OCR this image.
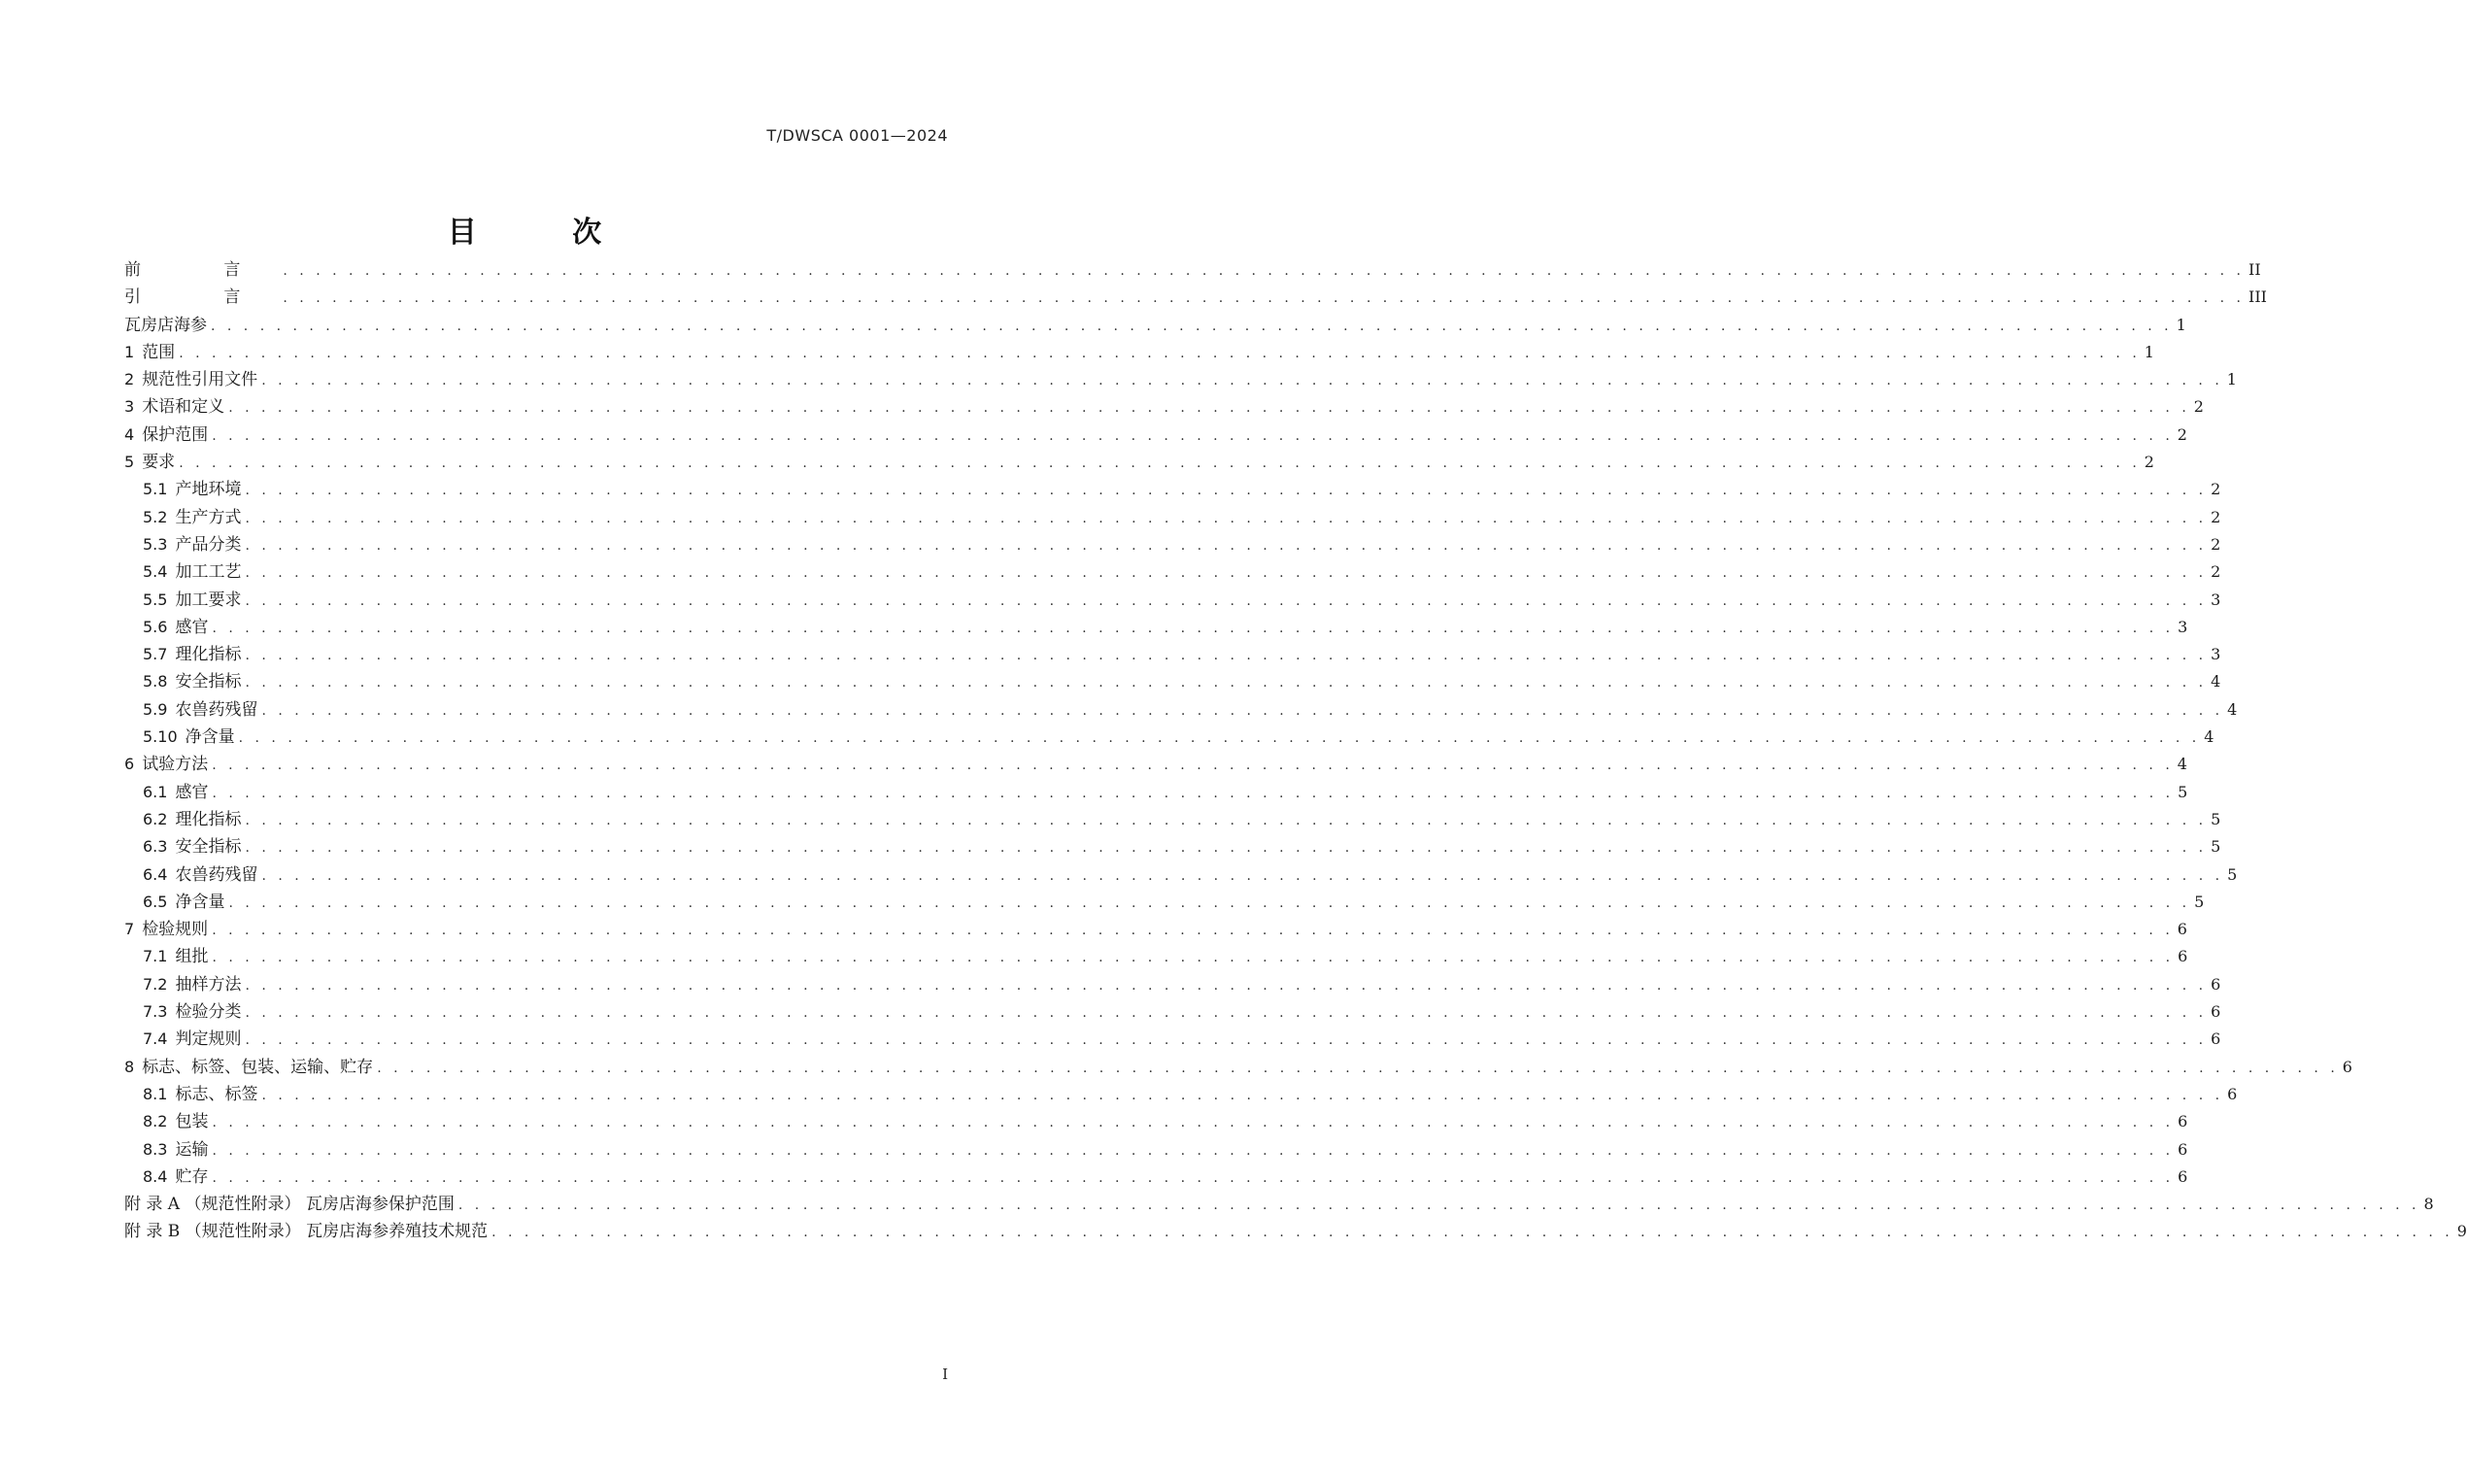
T/DWSCA 0001—2024
目 次
前 言 . . . . . . . . . . . . . . . . . . . . . . . . . . . . . . . . . . . . . . . . . . . . . . . . . . . . . . . . . . . . . . . . . . . . . . . . . . . . . . . . . . . . . . . . . . . . . . . . . . . . . . . . . . . . . . . . . . . . . . . . II
引 言 . . . . . . . . . . . . . . . . . . . . . . . . . . . . . . . . . . . . . . . . . . . . . . . . . . . . . . . . . . . . . . . . . . . . . . . . . . . . . . . . . . . . . . . . . . . . . . . . . . . . . . . . . . . . . . . . . . . . . . . . III
瓦房店海参 . . . . . . . . . . . . . . . . . . . . . . . . . . . . . . . . . . . . . . . . . . . . . . . . . . . . . . . . . . . . . . . . . . . . . . . . . . . . . . . . . . . . . . . . . . . . . . . . . . . . . . . . . . . . . . . . . . . . . . . . 1
1 范围 . . . . . . . . . . . . . . . . . . . . . . . . . . . . . . . . . . . . . . . . . . . . . . . . . . . . . . . . . . . . . . . . . . . . . . . . . . . . . . . . . . . . . . . . . . . . . . . . . . . . . . . . . . . . . . . . . . . . . . . . 1
2 规范性引用文件 . . . . . . . . . . . . . . . . . . . . . . . . . . . . . . . . . . . . . . . . . . . . . . . . . . . . . . . . . . . . . . . . . . . . . . . . . . . . . . . . . . . . . . . . . . . . . . . . . . . . . . . . . . . . . . . . . . . . . . . . 1
3 术语和定义 . . . . . . . . . . . . . . . . . . . . . . . . . . . . . . . . . . . . . . . . . . . . . . . . . . . . . . . . . . . . . . . . . . . . . . . . . . . . . . . . . . . . . . . . . . . . . . . . . . . . . . . . . . . . . . . . . . . . . . . . 2
4 保护范围 . . . . . . . . . . . . . . . . . . . . . . . . . . . . . . . . . . . . . . . . . . . . . . . . . . . . . . . . . . . . . . . . . . . . . . . . . . . . . . . . . . . . . . . . . . . . . . . . . . . . . . . . . . . . . . . . . . . . . . . . 2
5 要求 . . . . . . . . . . . . . . . . . . . . . . . . . . . . . . . . . . . . . . . . . . . . . . . . . . . . . . . . . . . . . . . . . . . . . . . . . . . . . . . . . . . . . . . . . . . . . . . . . . . . . . . . . . . . . . . . . . . . . . . . 2
5.1 产地环境 . . . . . . . . . . . . . . . . . . . . . . . . . . . . . . . . . . . . . . . . . . . . . . . . . . . . . . . . . . . . . . . . . . . . . . . . . . . . . . . . . . . . . . . . . . . . . . . . . . . . . . . . . . . . . . . . . . . . . . . . 2
5.2 生产方式 . . . . . . . . . . . . . . . . . . . . . . . . . . . . . . . . . . . . . . . . . . . . . . . . . . . . . . . . . . . . . . . . . . . . . . . . . . . . . . . . . . . . . . . . . . . . . . . . . . . . . . . . . . . . . . . . . . . . . . . . 2
5.3 产品分类 . . . . . . . . . . . . . . . . . . . . . . . . . . . . . . . . . . . . . . . . . . . . . . . . . . . . . . . . . . . . . . . . . . . . . . . . . . . . . . . . . . . . . . . . . . . . . . . . . . . . . . . . . . . . . . . . . . . . . . . . 2
5.4 加工工艺 . . . . . . . . . . . . . . . . . . . . . . . . . . . . . . . . . . . . . . . . . . . . . . . . . . . . . . . . . . . . . . . . . . . . . . . . . . . . . . . . . . . . . . . . . . . . . . . . . . . . . . . . . . . . . . . . . . . . . . . . 2
5.5 加工要求 . . . . . . . . . . . . . . . . . . . . . . . . . . . . . . . . . . . . . . . . . . . . . . . . . . . . . . . . . . . . . . . . . . . . . . . . . . . . . . . . . . . . . . . . . . . . . . . . . . . . . . . . . . . . . . . . . . . . . . . . 3
5.6 感官 . . . . . . . . . . . . . . . . . . . . . . . . . . . . . . . . . . . . . . . . . . . . . . . . . . . . . . . . . . . . . . . . . . . . . . . . . . . . . . . . . . . . . . . . . . . . . . . . . . . . . . . . . . . . . . . . . . . . . . . . 3
5.7 理化指标 . . . . . . . . . . . . . . . . . . . . . . . . . . . . . . . . . . . . . . . . . . . . . . . . . . . . . . . . . . . . . . . . . . . . . . . . . . . . . . . . . . . . . . . . . . . . . . . . . . . . . . . . . . . . . . . . . . . . . . . . 3
5.8 安全指标 . . . . . . . . . . . . . . . . . . . . . . . . . . . . . . . . . . . . . . . . . . . . . . . . . . . . . . . . . . . . . . . . . . . . . . . . . . . . . . . . . . . . . . . . . . . . . . . . . . . . . . . . . . . . . . . . . . . . . . . . 4
5.9 农兽药残留 . . . . . . . . . . . . . . . . . . . . . . . . . . . . . . . . . . . . . . . . . . . . . . . . . . . . . . . . . . . . . . . . . . . . . . . . . . . . . . . . . . . . . . . . . . . . . . . . . . . . . . . . . . . . . . . . . . . . . . . . 4
5.10 净含量 . . . . . . . . . . . . . . . . . . . . . . . . . . . . . . . . . . . . . . . . . . . . . . . . . . . . . . . . . . . . . . . . . . . . . . . . . . . . . . . . . . . . . . . . . . . . . . . . . . . . . . . . . . . . . . . . . . . . . . . . 4
6 试验方法 . . . . . . . . . . . . . . . . . . . . . . . . . . . . . . . . . . . . . . . . . . . . . . . . . . . . . . . . . . . . . . . . . . . . . . . . . . . . . . . . . . . . . . . . . . . . . . . . . . . . . . . . . . . . . . . . . . . . . . . . 4
6.1 感官 . . . . . . . . . . . . . . . . . . . . . . . . . . . . . . . . . . . . . . . . . . . . . . . . . . . . . . . . . . . . . . . . . . . . . . . . . . . . . . . . . . . . . . . . . . . . . . . . . . . . . . . . . . . . . . . . . . . . . . . . 5
6.2 理化指标 . . . . . . . . . . . . . . . . . . . . . . . . . . . . . . . . . . . . . . . . . . . . . . . . . . . . . . . . . . . . . . . . . . . . . . . . . . . . . . . . . . . . . . . . . . . . . . . . . . . . . . . . . . . . . . . . . . . . . . . . 5
6.3 安全指标 . . . . . . . . . . . . . . . . . . . . . . . . . . . . . . . . . . . . . . . . . . . . . . . . . . . . . . . . . . . . . . . . . . . . . . . . . . . . . . . . . . . . . . . . . . . . . . . . . . . . . . . . . . . . . . . . . . . . . . . . 5
6.4 农兽药残留 . . . . . . . . . . . . . . . . . . . . . . . . . . . . . . . . . . . . . . . . . . . . . . . . . . . . . . . . . . . . . . . . . . . . . . . . . . . . . . . . . . . . . . . . . . . . . . . . . . . . . . . . . . . . . . . . . . . . . . . . 5
6.5 净含量 . . . . . . . . . . . . . . . . . . . . . . . . . . . . . . . . . . . . . . . . . . . . . . . . . . . . . . . . . . . . . . . . . . . . . . . . . . . . . . . . . . . . . . . . . . . . . . . . . . . . . . . . . . . . . . . . . . . . . . . . 5
7 检验规则 . . . . . . . . . . . . . . . . . . . . . . . . . . . . . . . . . . . . . . . . . . . . . . . . . . . . . . . . . . . . . . . . . . . . . . . . . . . . . . . . . . . . . . . . . . . . . . . . . . . . . . . . . . . . . . . . . . . . . . . . 6
7.1 组批 . . . . . . . . . . . . . . . . . . . . . . . . . . . . . . . . . . . . . . . . . . . . . . . . . . . . . . . . . . . . . . . . . . . . . . . . . . . . . . . . . . . . . . . . . . . . . . . . . . . . . . . . . . . . . . . . . . . . . . . . 6
7.2 抽样方法 . . . . . . . . . . . . . . . . . . . . . . . . . . . . . . . . . . . . . . . . . . . . . . . . . . . . . . . . . . . . . . . . . . . . . . . . . . . . . . . . . . . . . . . . . . . . . . . . . . . . . . . . . . . . . . . . . . . . . . . . 6
7.3 检验分类 . . . . . . . . . . . . . . . . . . . . . . . . . . . . . . . . . . . . . . . . . . . . . . . . . . . . . . . . . . . . . . . . . . . . . . . . . . . . . . . . . . . . . . . . . . . . . . . . . . . . . . . . . . . . . . . . . . . . . . . . 6
7.4 判定规则 . . . . . . . . . . . . . . . . . . . . . . . . . . . . . . . . . . . . . . . . . . . . . . . . . . . . . . . . . . . . . . . . . . . . . . . . . . . . . . . . . . . . . . . . . . . . . . . . . . . . . . . . . . . . . . . . . . . . . . . . 6
8 标志、标签、包装、运输、贮存 . . . . . . . . . . . . . . . . . . . . . . . . . . . . . . . . . . . . . . . . . . . . . . . . . . . . . . . . . . . . . . . . . . . . . . . . . . . . . . . . . . . . . . . . . . . . . . . . . . . . . . . . . . . . . . . . . . . . . . . . 6
8.1 标志、标签 . . . . . . . . . . . . . . . . . . . . . . . . . . . . . . . . . . . . . . . . . . . . . . . . . . . . . . . . . . . . . . . . . . . . . . . . . . . . . . . . . . . . . . . . . . . . . . . . . . . . . . . . . . . . . . . . . . . . . . . . 6
8.2 包装 . . . . . . . . . . . . . . . . . . . . . . . . . . . . . . . . . . . . . . . . . . . . . . . . . . . . . . . . . . . . . . . . . . . . . . . . . . . . . . . . . . . . . . . . . . . . . . . . . . . . . . . . . . . . . . . . . . . . . . . . 6
8.3 运输 . . . . . . . . . . . . . . . . . . . . . . . . . . . . . . . . . . . . . . . . . . . . . . . . . . . . . . . . . . . . . . . . . . . . . . . . . . . . . . . . . . . . . . . . . . . . . . . . . . . . . . . . . . . . . . . . . . . . . . . . 6
8.4 贮存 . . . . . . . . . . . . . . . . . . . . . . . . . . . . . . . . . . . . . . . . . . . . . . . . . . . . . . . . . . . . . . . . . . . . . . . . . . . . . . . . . . . . . . . . . . . . . . . . . . . . . . . . . . . . . . . . . . . . . . . . 6
附 录 A （规范性附录） 瓦房店海参保护范围 . . . . . . . . . . . . . . . . . . . . . . . . . . . . . . . . . . . . . . . . . . . . . . . . . . . . . . . . . . . . . . . . . . . . . . . . . . . . . . . . . . . . . . . . . . . . . . . . . . . . . . . . . . . . . . . . . . . . . . . . 8
附 录 B （规范性附录） 瓦房店海参养殖技术规范 . . . . . . . . . . . . . . . . . . . . . . . . . . . . . . . . . . . . . . . . . . . . . . . . . . . . . . . . . . . . . . . . . . . . . . . . . . . . . . . . . . . . . . . . . . . . . . . . . . . . . . . . . . . . . . . . . . . . . . . . 9
I
